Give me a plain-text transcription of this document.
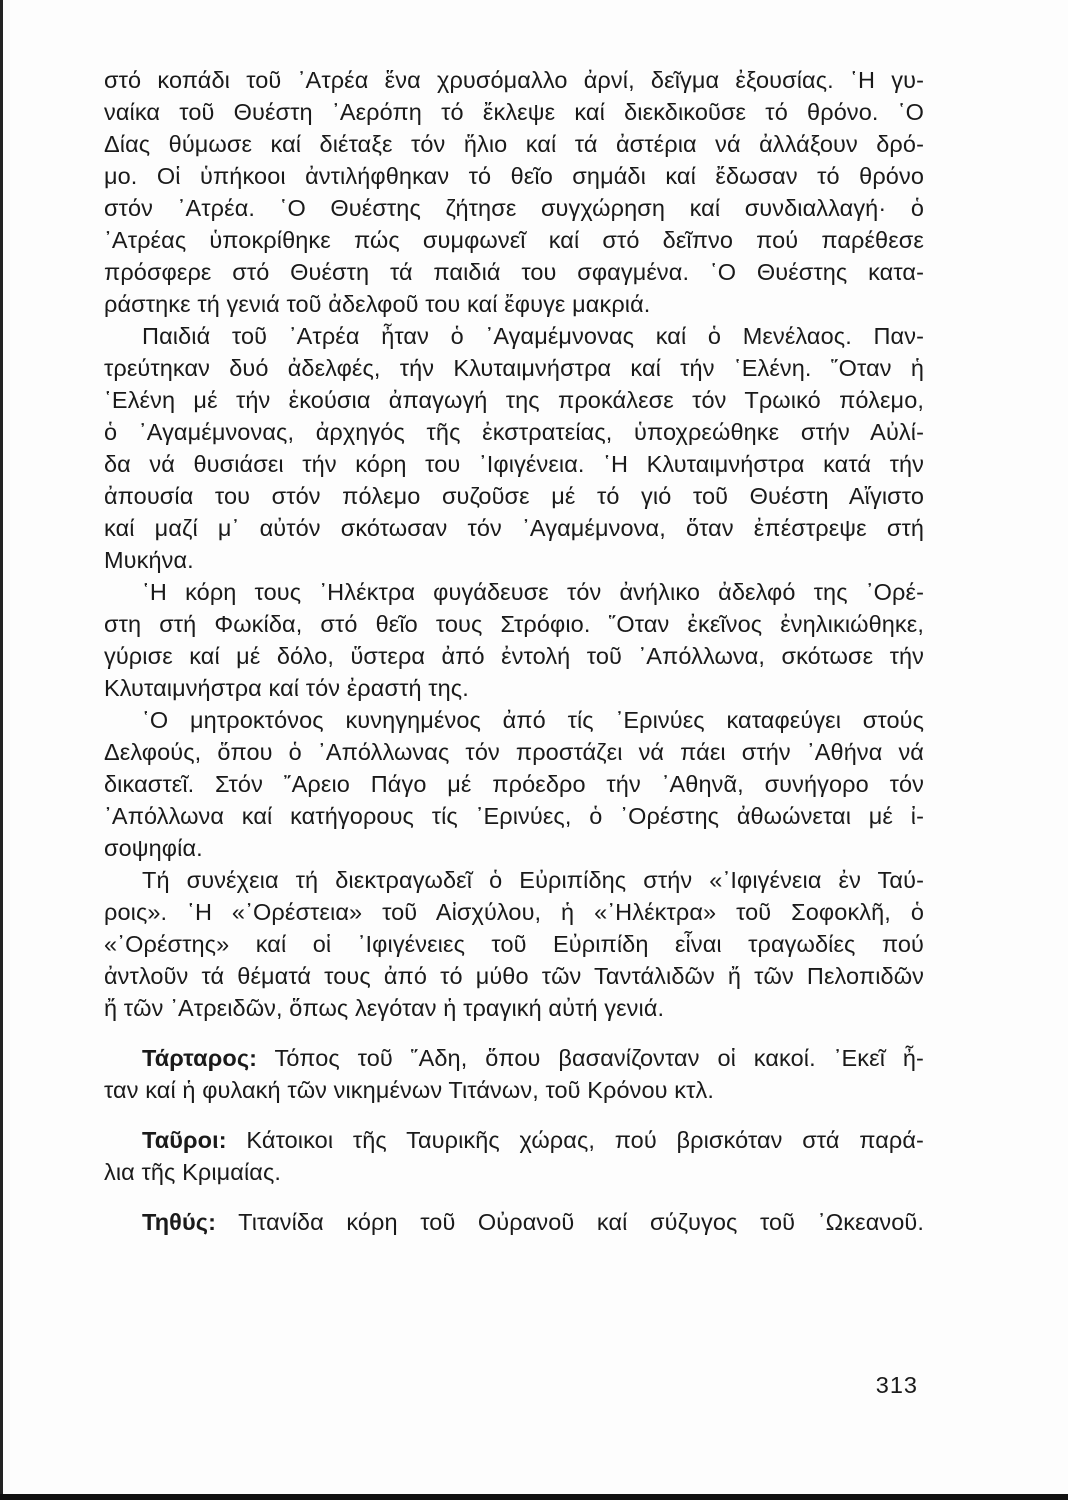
στό κοπάδι τοῦ ᾿Ατρέα ἕνα χρυσόμαλλο ἀρνί, δεῖγμα ἐξουσίας. ῾Η γυ-
ναίκα τοῦ Θυέστη ᾿Αερόπη τό ἔκλεψε καί διεκδικοῦσε τό θρόνο. ῾Ο
Δίας θύμωσε καί διέταξε τόν ἥλιο καί τά ἀστέρια νά ἀλλάξουν δρό-
μο. Οἱ ὑπήκοοι ἀντιλήφθηκαν τό θεῖο σημάδι καί ἔδωσαν τό θρόνο
στόν ᾿Ατρέα. ῾Ο Θυέστης ζήτησε συγχώρηση καί συνδιαλλαγή· ὁ
᾿Ατρέας ὑποκρίθηκε πώς συμφωνεῖ καί στό δεῖπνο πού παρέθεσε
πρόσφερε στό Θυέστη τά παιδιά του σφαγμένα. ῾Ο Θυέστης κατα-
ράστηκε τή γενιά τοῦ ἀδελφοῦ του καί ἔφυγε μακριά.
Παιδιά τοῦ ᾿Ατρέα ἦταν ὁ ᾿Αγαμέμνονας καί ὁ Μενέλαος. Παν-
τρεύτηκαν δυό ἀδελφές, τήν Κλυταιμνήστρα καί τήν ῾Ελένη. ῞Οταν ἡ
῾Ελένη μέ τήν ἑκούσια ἀπαγωγή της προκάλεσε τόν Τρωικό πόλεμο,
ὁ ᾿Αγαμέμνονας, ἀρχηγός τῆς ἐκστρατείας, ὑποχρεώθηκε στήν Αὐλί-
δα νά θυσιάσει τήν κόρη του ᾿Ιφιγένεια. ῾Η Κλυταιμνήστρα κατά τήν
ἀπουσία του στόν πόλεμο συζοῦσε μέ τό γιό τοῦ Θυέστη Αἴγιστο
καί μαζί μ᾿ αὐτόν σκότωσαν τόν ᾿Αγαμέμνονα, ὅταν ἐπέστρεψε στή
Μυκήνα.
῾Η κόρη τους ᾿Ηλέκτρα φυγάδευσε τόν ἀνήλικο ἀδελφό της ᾿Ορέ-
στη στή Φωκίδα, στό θεῖο τους Στρόφιο. ῞Οταν ἐκεῖνος ἐνηλικιώθηκε,
γύρισε καί μέ δόλο, ὕστερα ἀπό ἐντολή τοῦ ᾿Απόλλωνα, σκότωσε τήν
Κλυταιμνήστρα καί τόν ἐραστή της.
῾Ο μητροκτόνος κυνηγημένος ἀπό τίς ᾿Ερινύες καταφεύγει στούς
Δελφούς, ὅπου ὁ ᾿Απόλλωνας τόν προστάζει νά πάει στήν ᾿Αθήνα νά
δικαστεῖ. Στόν ῎Αρειο Πάγο μέ πρόεδρο τήν ᾿Αθηνᾶ, συνήγορο τόν
᾿Απόλλωνα καί κατήγορους τίς ᾿Ερινύες, ὁ ᾿Ορέστης ἀθωώνεται μέ ἰ-
σοψηφία.
Τή συνέχεια τή διεκτραγωδεῖ ὁ Εὐριπίδης στήν «᾿Ιφιγένεια ἐν Ταύ-
ροις». ῾Η «᾿Ορέστεια» τοῦ Αἰσχύλου, ἡ «᾿Ηλέκτρα» τοῦ Σοφοκλῆ, ὁ
«᾿Ορέστης» καί οἱ ᾿Ιφιγένειες τοῦ Εὐριπίδη εἶναι τραγωδίες πού
ἀντλοῦν τά θέματά τους ἀπό τό μύθο τῶν Ταντάλιδῶν ἤ τῶν Πελοπιδῶν
ἤ τῶν ᾿Ατρειδῶν, ὅπως λεγόταν ἡ τραγική αὐτή γενιά.
Τάρταρος: Τόπος τοῦ ῞Αδη, ὅπου βασανίζονταν οἱ κακοί. ᾿Εκεῖ ἦ-
ταν καί ἡ φυλακή τῶν νικημένων Τιτάνων, τοῦ Κρόνου κτλ.
Ταῦροι: Κάτοικοι τῆς Ταυρικῆς χώρας, πού βρισκόταν στά παρά-
λια τῆς Κριμαίας.
Τηθύς: Τιτανίδα κόρη τοῦ Οὐρανοῦ καί σύζυγος τοῦ ᾿Ωκεανοῦ.
313
